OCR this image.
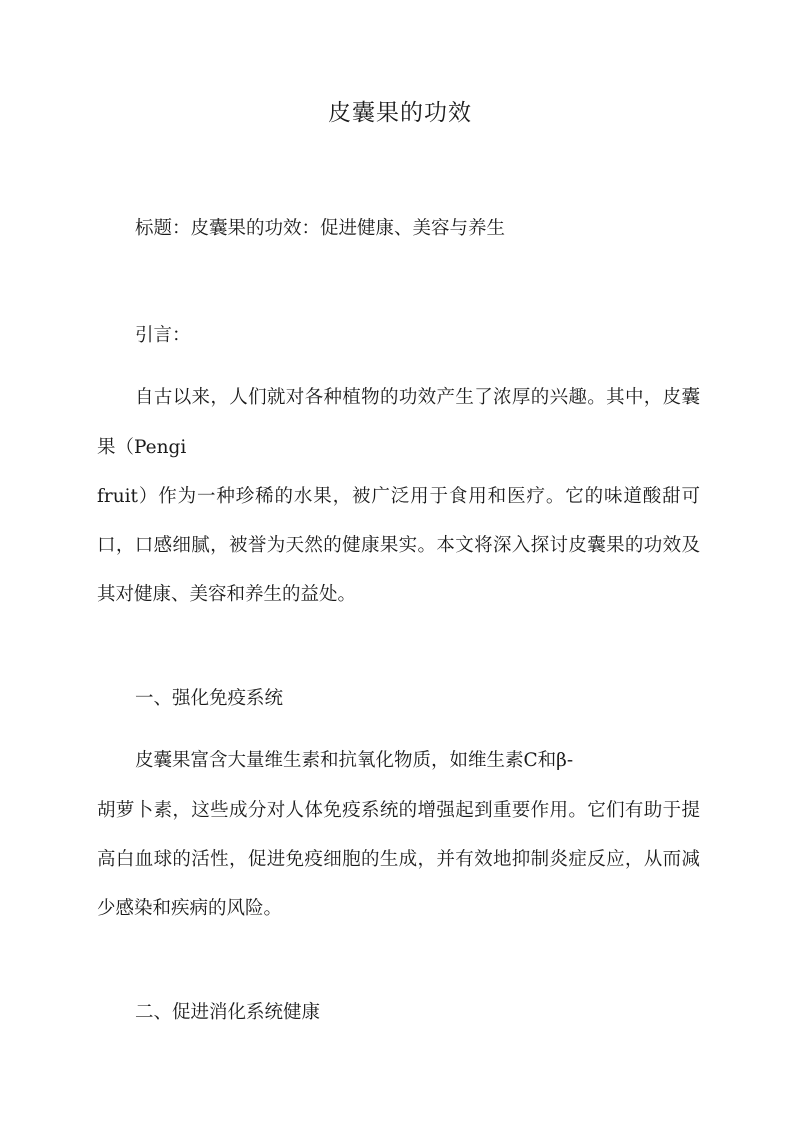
皮囊果的功效

标题：皮囊果的功效：促进健康、美容与养生

引言：

自古以来，人们就对各种植物的功效产生了浓厚的兴趣。其中，皮囊

果（Pengi

fruit）作为一种珍稀的水果，被广泛用于食用和医疗。它的味道酸甜可

口，口感细腻，被誉为天然的健康果实。本文将深入探讨皮囊果的功效及

其对健康、美容和养生的益处。

一、强化免疫系统

皮囊果富含大量维生素和抗氧化物质，如维生素C和β-

胡萝卜素，这些成分对人体免疫系统的增强起到重要作用。它们有助于提

高白血球的活性，促进免疫细胞的生成，并有效地抑制炎症反应，从而减

少感染和疾病的风险。

二、促进消化系统健康
